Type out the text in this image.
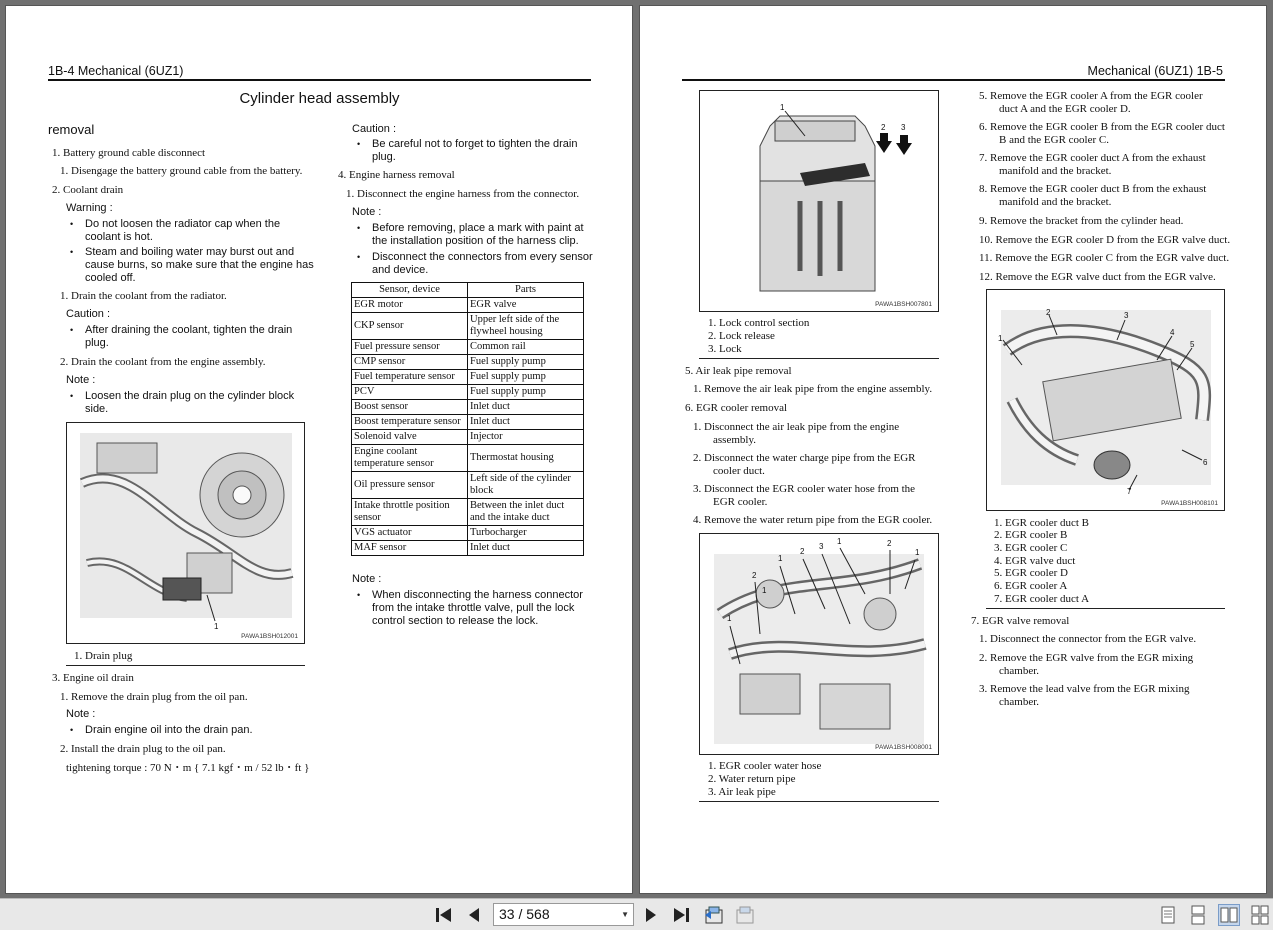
1B-4 Mechanical (6UZ1)
Cylinder head assembly
removal
1. Battery ground cable disconnect
1. Disengage the battery ground cable from the battery.
2. Coolant drain
Warning :
• Do not loosen the radiator cap when the
coolant is hot.
• Steam and boiling water may burst out and
cause burns, so make sure that the engine has
cooled off.
1. Drain the coolant from the radiator.
Caution :
• After draining the coolant, tighten the drain
plug.
2. Drain the coolant from the engine assembly.
Note :
• Loosen the drain plug on the cylinder block
side.
1
PAWA1BSH012001
1. Drain plug
3. Engine oil drain
1. Remove the drain plug from the oil pan.
Note :
• Drain engine oil into the drain pan.
2. Install the drain plug to the oil pan.
tightening torque : 70 N・m { 7.1 kgf・m / 52 lb・ft }
Caution :
• Be careful not to forget to tighten the drain
plug.
4. Engine harness removal
1. Disconnect the engine harness from the connector.
Note :
• Before removing, place a mark with paint at
the installation position of the harness clip.
• Disconnect the connectors from every sensor
and device.
Sensor, device	Parts
EGR motor	EGR valve
CKP sensor	Upper left side of the flywheel housing
Fuel pressure sensor	Common rail
CMP sensor	Fuel supply pump
Fuel temperature sensor	Fuel supply pump
PCV	Fuel supply pump
Boost sensor	Inlet duct
Boost temperature sensor	Inlet duct
Solenoid valve	Injector
Engine coolant temperature sensor	Thermostat housing
Oil pressure sensor	Left side of the cylinder block
Intake throttle position sensor	Between the inlet duct and the intake duct
VGS actuator	Turbocharger
MAF sensor	Inlet duct
Note :
• When disconnecting the harness connector
from the intake throttle valve, pull the lock
control section to release the lock.
Mechanical (6UZ1) 1B-5
1
2 3
PAWA1BSH007801
1. Lock control section
2. Lock release
3. Lock
5. Air leak pipe removal
1. Remove the air leak pipe from the engine assembly.
6. EGR cooler removal
1. Disconnect the air leak pipe from the engine
assembly.
2. Disconnect the water charge pipe from the EGR
cooler duct.
3. Disconnect the EGR cooler water hose from the
EGR cooler.
4. Remove the water return pipe from the EGR cooler.
1
2
3
1	2
1
2
1
1
PAWA1BSH008001
1. EGR cooler water hose
2. Water return pipe
3. Air leak pipe
5. Remove the EGR cooler A from the EGR cooler
duct A and the EGR cooler D.
6. Remove the EGR cooler B from the EGR cooler duct
B and the EGR cooler C.
7. Remove the EGR cooler duct A from the exhaust
manifold and the bracket.
8. Remove the EGR cooler duct B from the exhaust
manifold and the bracket.
9. Remove the bracket from the cylinder head.
10. Remove the EGR cooler D from the EGR valve duct.
11. Remove the EGR cooler C from the EGR valve duct.
12. Remove the EGR valve duct from the EGR valve.
1
2	3
4
5
6
7
PAWA1BSH008101
1. EGR cooler duct B
2. EGR cooler B
3. EGR cooler C
4. EGR valve duct
5. EGR cooler D
6. EGR cooler A
7. EGR cooler duct A
7. EGR valve removal
1. Disconnect the connector from the EGR valve.
2. Remove the EGR valve from the EGR mixing
chamber.
3. Remove the lead valve from the EGR mixing
chamber.
33 / 568	▼
